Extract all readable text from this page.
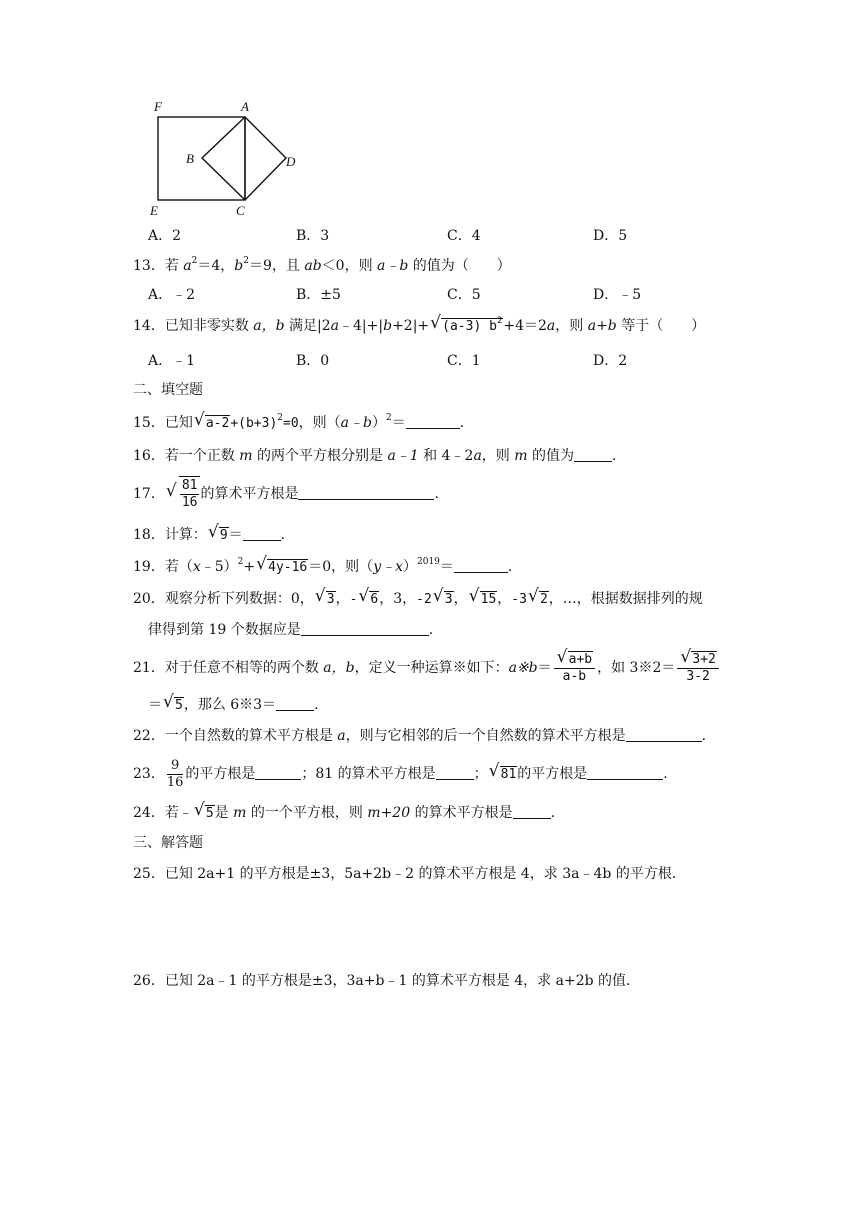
F	A
B	D
E	C
A．2	B．3	C．4	D．5
13．若 $a^2=4$，$b^2=9$，且 ab＜0，则 a﹣b 的值为（　　）
A．﹣2	B．±5	C．5	D．﹣5
14．已知非零实数 a，b 满足|2a﹣4|+|b+2|+ √ (a-3) $b^2+4=2a$，则 a+b 等于（　　）
A．﹣1	B．0	C．1	D．2
二、填空题
15．已知 √ $a-2+(b+3)^2=0$，则（a﹣b）$^2$＝	.
16．若一个正数 m 的两个平方根分别是 a﹣1 和 4﹣2a，则 m 的值为	.
17． √ $\frac{81}{16}$ 的算术平方根是	.
18．计算： √ 9＝	.
19．若（x﹣5）$^2$+ √ 4y-16＝0，则（y﹣x）$^{2019}$＝	.
20．观察分析下列数据：0， √ 3，- √ 6，3，-2 √ 3， √ 15，-3 √ 2，…，根据数据排列的规
律得到第 19 个数据应是	.
21．对于任意不相等的两个数 a，b，定义一种运算※如下：a※b＝ √ $\frac{a+b}{a-b}$ ，如 3※2＝ √ $\frac{3+2}{3-2}$
＝ √ 5，那么 6※3＝	.
22．一个自然数的算术平方根是 a，则与它相邻的后一个自然数的算术平方根是	.
23． $\frac{9}{16}$ 的平方根是	；81 的算术平方根是	； √ 81的平方根是	.
24．若﹣ √ 5是 m 的一个平方根，则 m+20 的算术平方根是	.
三、解答题
25．已知 2a+1 的平方根是±3，5a+2b﹣2 的算术平方根是 4，求 3a﹣4b 的平方根．
26．已知 2a﹣1 的平方根是±3，3a+b﹣1 的算术平方根是 4，求 a+2b 的值．
